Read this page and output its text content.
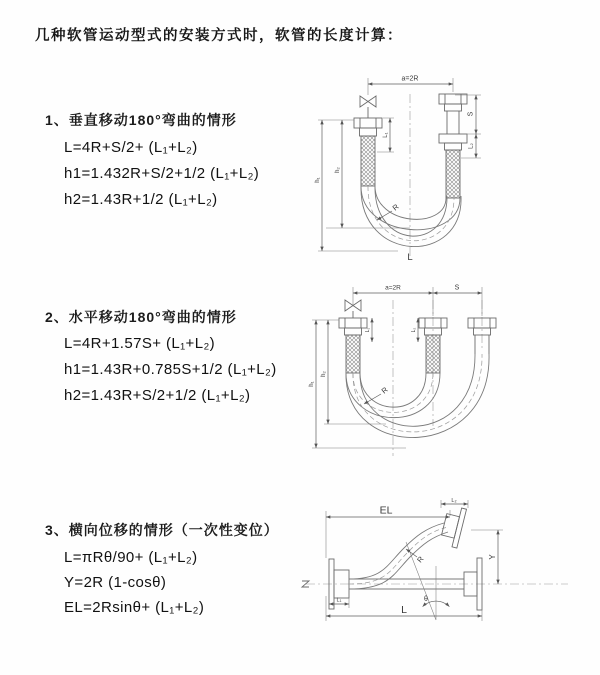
几种软管运动型式的安装方式时，软管的长度计算：
1、垂直移动180°弯曲的情形
L=4R+S/2+ (L₁+L₂)
h1=1.432R+S/2+1/2 (L₁+L₂)
h2=1.43R+1/2 (L₁+L₂)
a=2R
L₁
S
L₂
h₁
h₂
R
L
2、水平移动180°弯曲的情形
L=4R+1.57S+ (L₁+L₂)
h1=1.43R+0.785S+1/2 (L₁+L₂)
h2=1.43R+S/2+1/2 (L₁+L₂)
a=2R	S
L₁	L₂
h₁
h₂
R
3、横向位移的情形（一次性变位）
L=πRθ/90+ (L₁+L₂)
Y=2R (1-cosθ)
EL=2Rsinθ+ (L₁+L₂)
EL
L₂
Y
θ
R
L₁
L
